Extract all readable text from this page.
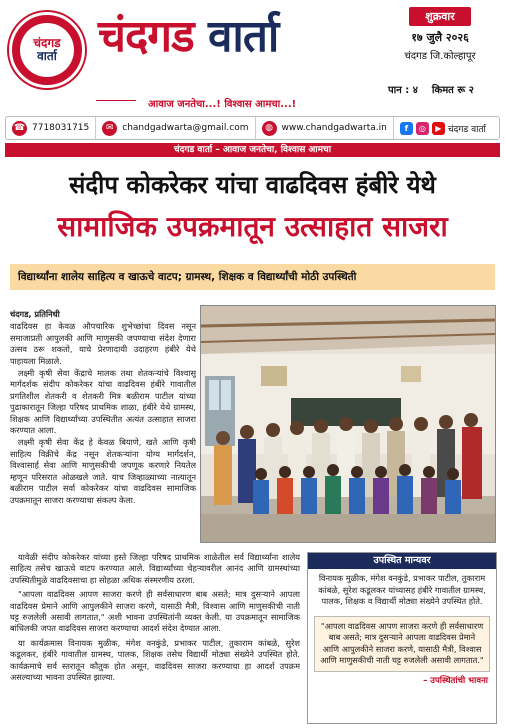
चंदगड
वार्ता चंदगड वार्ता
आवाज जनतेचा...! विश्वास आमचा...!
शुक्रवार
१७ जुलै २०२६
चंदगड जि.कोल्हापूर
पान : ४ किमत रू २
☎ 7718031715	✉ chandgadwarta@gmail.com	◍ www.chandgadwarta.in	f	◎	▶ चंदगड वार्ता
चंदगड वार्ता – आवाज जनतेचा, विश्वास आमचा
संदीप कोकरेकर यांचा वाढदिवस हंबीरे येथे
सामाजिक उपक्रमातून उत्साहात साजरा
विद्यार्थ्यांना शालेय साहित्य व खाऊचे वाटप; ग्रामस्थ, शिक्षक व विद्यार्थ्यांची मोठी उपस्थिती

चंदगड, प्रतिनिधी

वाढदिवस हा केवळ औपचारिक शुभेच्छांचा दिवस नसून समाजाप्रती आपुलकी आणि माणुसकी जपण्याचा संदेश देणारा उत्सव ठरू शकतो, याचे प्रेरणादायी उदाहरण हंबीरे येथे पाहायला मिळाले.

लक्ष्मी कृषी सेवा केंद्राचे मालक तथा शेतकऱ्यांचे विश्वासू मार्गदर्शक संदीप कोकरेकर यांचा वाढदिवस हंबीरे गावातील प्रगतिशील शेतकरी व शेतकरी मित्र बळीराम पाटील यांच्या पुढाकारातून जिल्हा परिषद प्राथमिक शाळा, हंबीरे येथे ग्रामस्थ, शिक्षक आणि विद्यार्थ्यांच्या उपस्थितीत अत्यंत उत्साहात साजरा करण्यात आला.

लक्ष्मी कृषी सेवा केंद्र हे केवळ बियाणे, खते आणि कृषी साहित्य विक्रीचे केंद्र नसून शेतकऱ्यांना योग्य मार्गदर्शन, विश्वासार्ह सेवा आणि माणुसकीची जपणूक करणारे नियतेल म्हणून परिसरात ओळखले जाते. याच जिव्हाळ्याच्या नात्यातून बळीराम पाटील सर्वा कोकरेकर यांचा वाढदिवस सामाजिक उपक्रमातून साजरा करण्याचा संकल्प केला.

यावेळी संदीप कोकरेकर यांच्या हस्ते जिल्हा परिषद प्राथमिक शाळेतील सर्व विद्यार्थ्यांना शालेय साहित्य तसेच खाऊचे वाटप करण्यात आले. विद्यार्थ्यांच्या चेहऱ्यावरील आनंद आणि ग्रामस्थांच्या उपस्थितीमुळे वाढदिवसाचा हा सोहळा अधिक संस्मरणीय ठरला.

"आपला वाढदिवस आपण साजरा करणे ही सर्वसाधारण बाब असते; मात्र दुसऱ्याने आपला वाढदिवस प्रेमाने आणि आपुलकीने साजरा करणे, यासाठी मैत्री, विश्वास आणि माणुसकीची नाती घट्ट रुजलेली असावी लागतात," अशी भावना उपस्थितांनी व्यक्त केली. या उपक्रमातून सामाजिक बांधिलकी जपत वाढदिवस साजरा करण्याचा आदर्श संदेश देण्यात आला.

या कार्यक्रमास विनायक मुळीक, मंगेश वनकुंडे, प्रभाकर पाटील, तुकाराम कांबळे, सुरेश कडूलकर, हंबीरे गावातील ग्रामस्थ, पालक, शिक्षक तसेच विद्यार्थी मोठ्या संख्येने उपस्थित होते. कार्यक्रमाचे सर्व स्तरातून कौतुक होत असून, वाढदिवस साजरा करण्याचा हा आदर्श उपक्रम असल्याच्या भावना उपस्थित झाल्या.

उपस्थित मान्यवर
विनायक मुळीक, मंगेश वनकुंडे, प्रभाकर पाटील, तुकाराम कांबळे, सुरेश कडूलकर यांच्यासह हंबीरे गावातील ग्रामस्थ, पालक, शिक्षक व विद्यार्थी मोठ्या संख्येने उपस्थित होते.
"आपला वाढदिवस आपण साजरा करणे ही सर्वसाधारण बाब असते; मात्र दुसऱ्याने आपला वाढदिवस प्रेमाने आणि आपुलकीने साजरा करणे, यासाठी मैत्री, विश्वास आणि माणुसकीची नाती घट्ट रुजलेली असावी लागतात."
– उपस्थितांची भावना
